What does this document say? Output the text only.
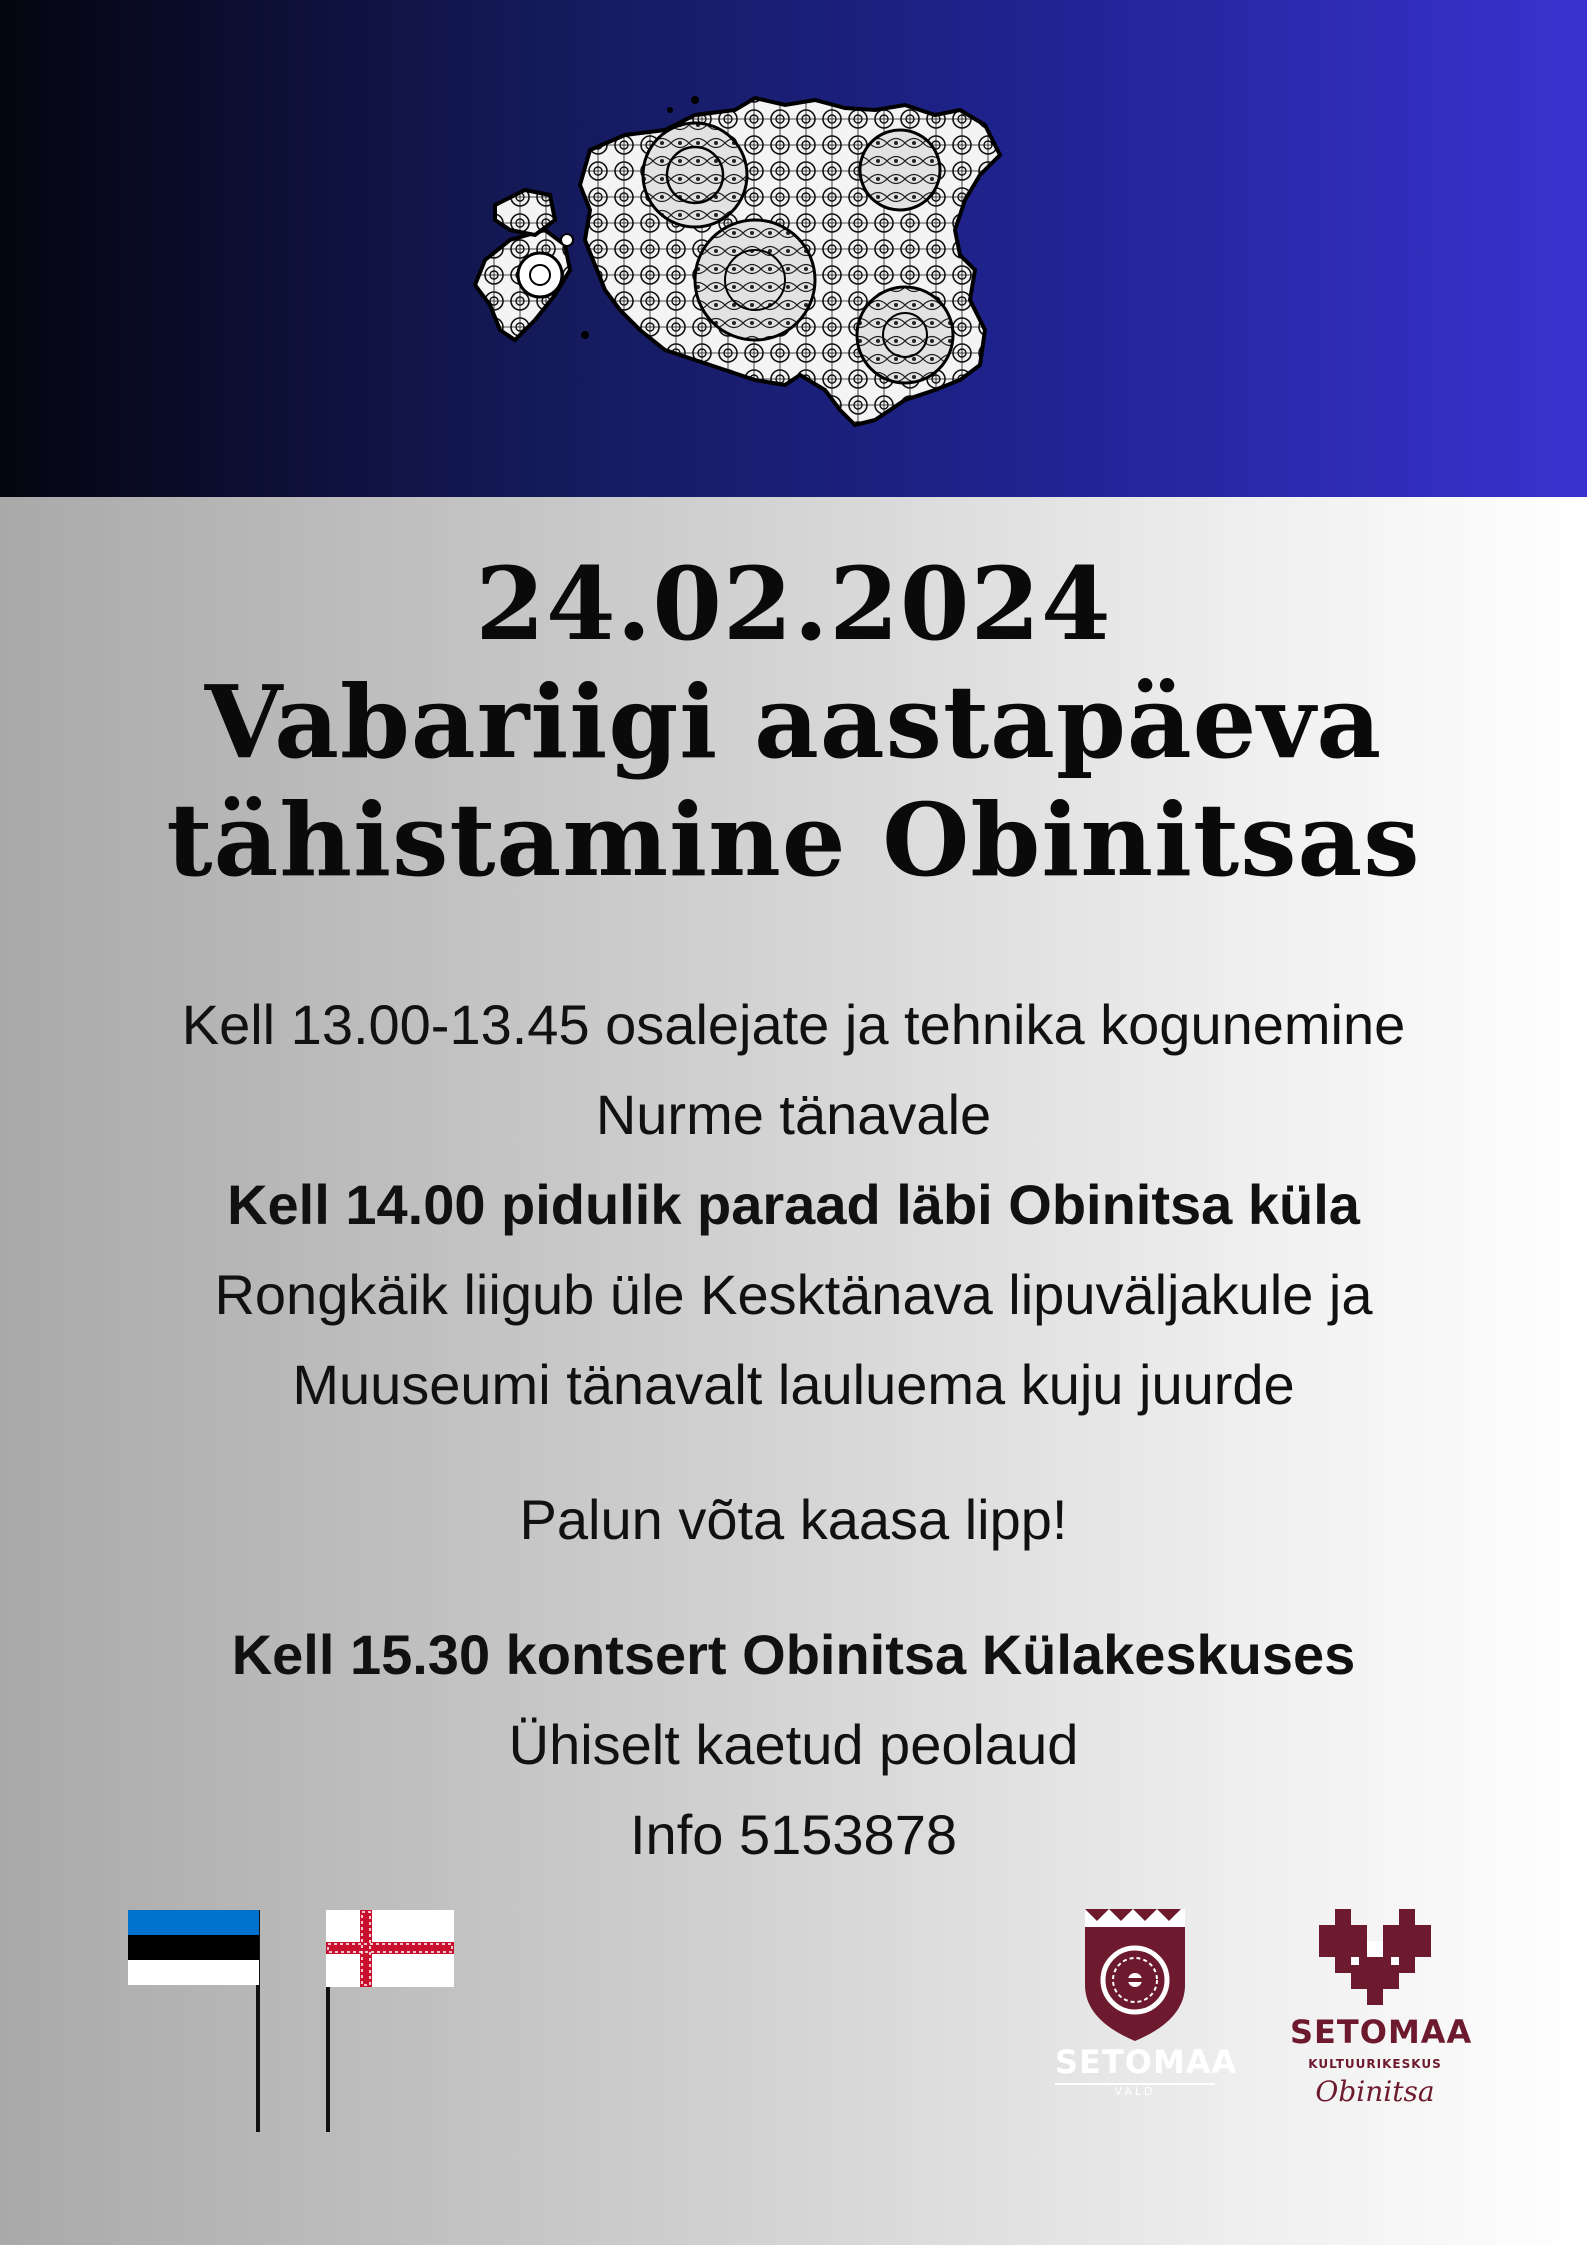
24.02.2024
Vabariigi aastapäeva
tähistamine Obinitsas
Kell 13.00-13.45 osalejate ja tehnika kogunemine
Nurme tänavale
Kell 14.00 pidulik paraad läbi Obinitsa küla
Rongkäik liigub üle Kesktänava lipuväljakule ja
Muuseumi tänavalt lauluema kuju juurde
Palun võta kaasa lipp!
Kell 15.30 kontsert Obinitsa Külakeskuses
Ühiselt kaetud peolaud
Info 5153878
SETOMAA
VALD
SETOMAA
KULTUURIKESKUS
Obinitsa
